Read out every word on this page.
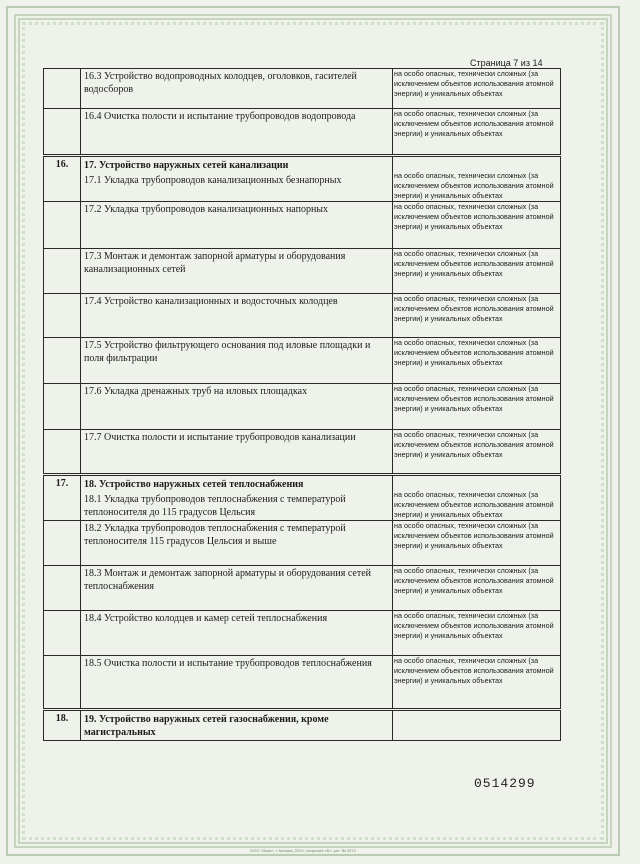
Страница 7 из 14

	16.3 Устройство водопроводных колодцев, оголовков, гасителей водосборов	на особо опасных, технически сложных (за исключением объектов использования атомной энергии) и уникальных объектах

	16.4 Очистка полости и испытание трубопроводов водопровода	на особо опасных, технически сложных (за исключением объектов использования атомной энергии) и уникальных объектах

16.	17. Устройство наружных сетей канализации
17.1 Укладка трубопроводов канализационных безнапорных	на особо опасных, технически сложных (за исключением объектов использования атомной энергии) и уникальных объектах

	17.2 Укладка трубопроводов канализационных напорных	на особо опасных, технически сложных (за исключением объектов использования атомной энергии) и уникальных объектах

	17.3 Монтаж и демонтаж запорной арматуры и оборудования канализационных сетей	на особо опасных, технически сложных (за исключением объектов использования атомной энергии) и уникальных объектах

	17.4 Устройство канализационных и водосточных колодцев	на особо опасных, технически сложных (за исключением объектов использования атомной энергии) и уникальных объектах

	17.5 Устройство фильтрующего основания под иловые площадки и поля фильтрации	на особо опасных, технически сложных (за исключением объектов использования атомной энергии) и уникальных объектах

	17.6 Укладка дренажных труб на иловых площадках	на особо опасных, технически сложных (за исключением объектов использования атомной энергии) и уникальных объектах

	17.7 Очистка полости и испытание трубопроводов канализации	на особо опасных, технически сложных (за исключением объектов использования атомной энергии) и уникальных объектах

17.	18. Устройство наружных сетей теплоснабжения
18.1 Укладка трубопроводов теплоснабжения с температурой теплоносителя до 115 градусов Цельсия	на особо опасных, технически сложных (за исключением объектов использования атомной энергии) и уникальных объектах

	18.2 Укладка трубопроводов теплоснабжения с температурой теплоносителя 115 градусов Цельсия и выше	на особо опасных, технически сложных (за исключением объектов использования атомной энергии) и уникальных объектах

	18.3 Монтаж и демонтаж запорной арматуры и оборудования сетей теплоснабжения	на особо опасных, технически сложных (за исключением объектов использования атомной энергии) и уникальных объектах

	18.4 Устройство колодцев и камер сетей теплоснабжения	на особо опасных, технически сложных (за исключением объектов использования атомной энергии) и уникальных объектах

	18.5 Очистка полости и испытание трубопроводов теплоснабжения	на особо опасных, технически сложных (за исключением объектов использования атомной энергии) и уникальных объектах

18.	19. Устройство наружных сетей газоснабжения, кроме магистральных	

0514299
ООО «Знак», г. Москва, 2010, лицензия «Б», рег. № 0274
